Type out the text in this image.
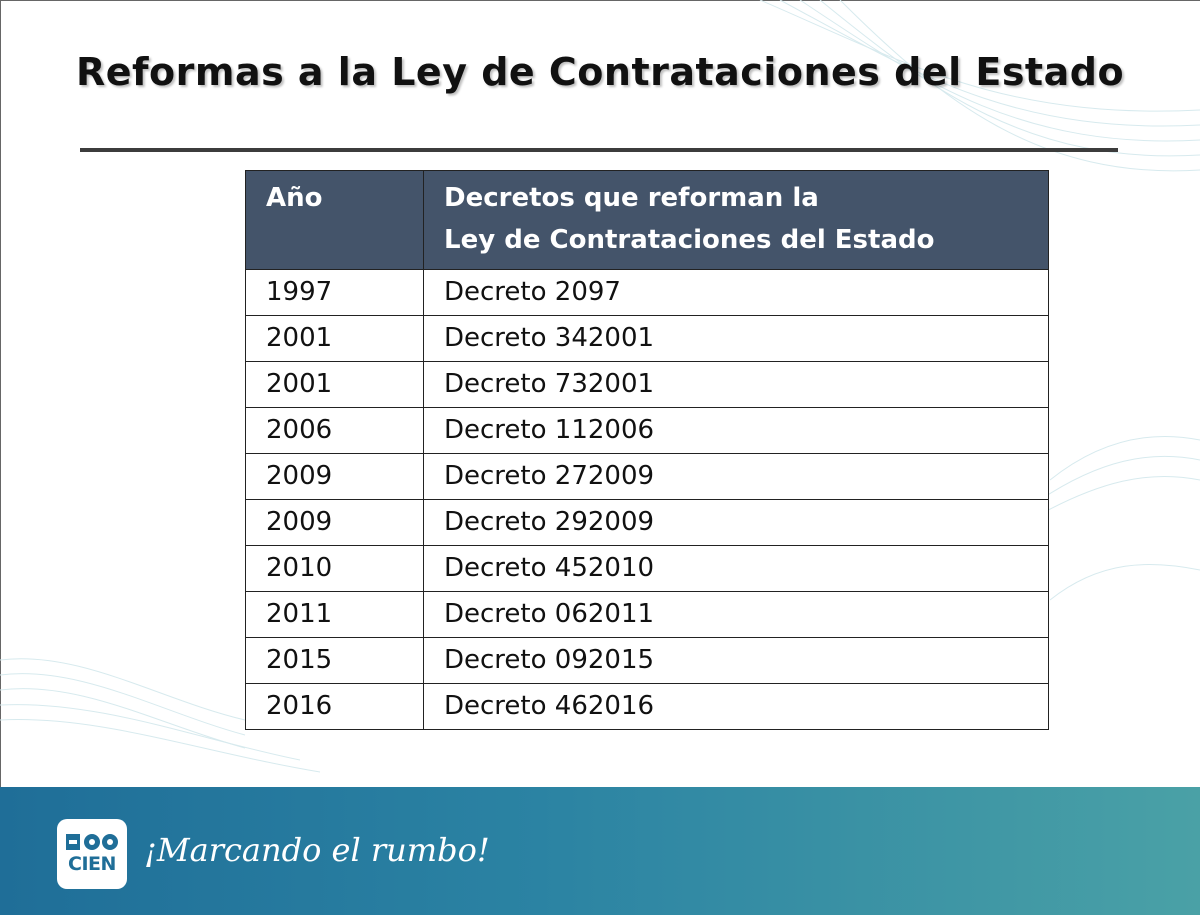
Reformas a la Ley de Contrataciones del Estado
Año	Decretos que reforman la
Ley de Contrataciones del Estado
1997	Decreto 2097
2001	Decreto 342001
2001	Decreto 732001
2006	Decreto 112006
2009	Decreto 272009
2009	Decreto 292009
2010	Decreto 452010
2011	Decreto 062011
2015	Decreto 092015
2016	Decreto 462016
CIEN ¡Marcando el rumbo!
